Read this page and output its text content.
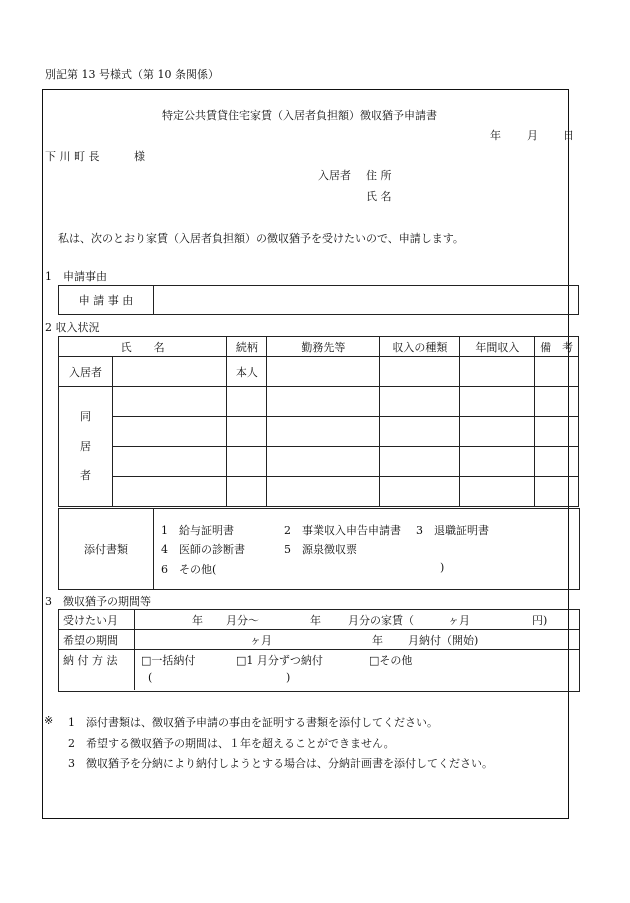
別記第 13 号様式（第 10 条関係）
特定公共賃貸住宅家賃（入居者負担額）徴収猶予申請書
年 月 日
下 川 町 長	様
入居者 住 所
氏 名
私は、次のとおり家賃（入居者負担額）の徴収猶予を受けたいので、申請します。
1　申請事由
申 請 事 由	
2 収入状況
氏　　名		続柄	勤務先等	収入の種類	年間収入	備　考
入居者		本人				

同
居
者						

添付書類
1　給与証明書	2　事業収入申告申請書 3　退職証明書
4　医師の診断書	5　源泉徴収票
6　その他(	)
3　徴収猶予の期間等
受けたい月	年 月分～	年 月分の家賃（	ヶ月	円)
希望の期間	ヶ月	年 月納付（開始)
納 付 方 法 □一括納付	□1 月分ずつ納付	□その他
(	)
※ 1　添付書類は、徴収猶予申請の事由を証明する書類を添付してください。
2　希望する徴収猶予の期間は、１年を超えることができません。
3　徴収猶予を分納により納付しようとする場合は、分納計画書を添付してください。
